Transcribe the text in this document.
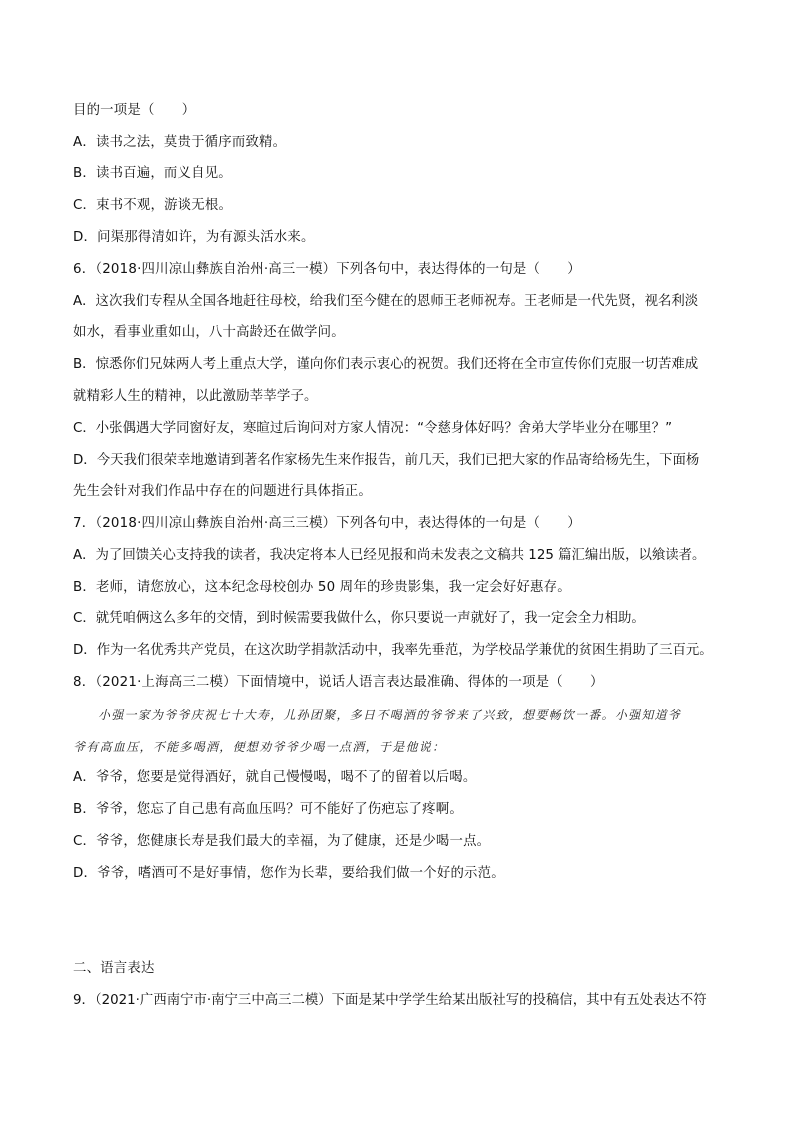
目的一项是（　　）
A．读书之法，莫贵于循序而致精。
B．读书百遍，而义自见。
C．束书不观，游谈无根。
D．问渠那得清如许，为有源头活水来。
6．（2018·四川凉山彝族自治州·高三一模）下列各句中，表达得体的一句是（　　）
A．这次我们专程从全国各地赶往母校，给我们至今健在的恩师王老师祝寿。王老师是一代先贤，视名利淡
如水，看事业重如山，八十高龄还在做学问。
B．惊悉你们兄妹两人考上重点大学，谨向你们表示衷心的祝贺。我们还将在全市宣传你们克服一切苦难成
就精彩人生的精神，以此激励莘莘学子。
C．小张偶遇大学同窗好友，寒暄过后询问对方家人情况：“令慈身体好吗？舍弟大学毕业分在哪里？”
D．今天我们很荣幸地邀请到著名作家杨先生来作报告，前几天，我们已把大家的作品寄给杨先生，下面杨
先生会针对我们作品中存在的问题进行具体指正。
7．（2018·四川凉山彝族自治州·高三三模）下列各句中，表达得体的一句是（　　）
A．为了回馈关心支持我的读者，我决定将本人已经见报和尚未发表之文稿共 125 篇汇编出版，以飨读者。
B．老师，请您放心，这本纪念母校创办 50 周年的珍贵影集，我一定会好好惠存。
C．就凭咱俩这么多年的交情，到时候需要我做什么，你只要说一声就好了，我一定会全力相助。
D．作为一名优秀共产党员，在这次助学捐款活动中，我率先垂范，为学校品学兼优的贫困生捐助了三百元。
8．（2021·上海高三二模）下面情境中，说话人语言表达最准确、得体的一项是（　　）
小强一家为爷爷庆祝七十大寿，儿孙团聚，多日不喝酒的爷爷来了兴致，想要畅饮一番。小强知道爷
爷有高血压，不能多喝酒，便想劝爷爷少喝一点酒，于是他说：
A．爷爷，您要是觉得酒好，就自己慢慢喝，喝不了的留着以后喝。
B．爷爷，您忘了自己患有高血压吗？可不能好了伤疤忘了疼啊。
C．爷爷，您健康长寿是我们最大的幸福，为了健康，还是少喝一点。
D．爷爷，嗜酒可不是好事情，您作为长辈，要给我们做一个好的示范。
二、语言表达
9．（2021·广西南宁市·南宁三中高三二模）下面是某中学学生给某出版社写的投稿信，其中有五处表达不符
